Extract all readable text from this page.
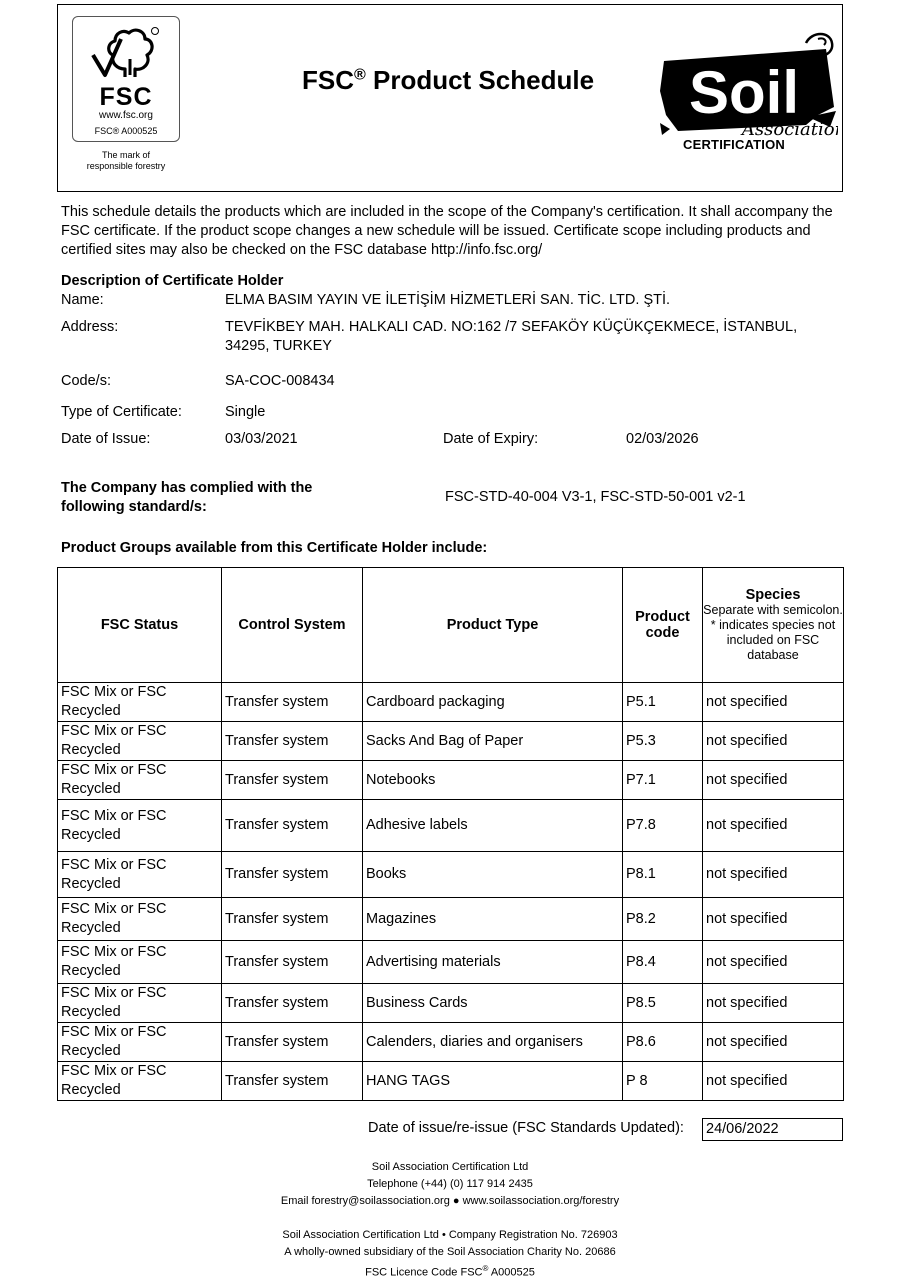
FSC
www.fsc.org
FSC® A000525
The mark of
responsible forestry
FSC® Product Schedule Soil
Association
CERTIFICATION
This schedule details the products which are included in the scope of the Company's certification. It shall accompany the FSC certificate. If the product scope changes a new schedule will be issued. Certificate scope including products and certified sites may also be checked on the FSC database http://info.fsc.org/
Description of Certificate Holder
Name:	ELMA BASIM YAYIN VE İLETİŞİM HİZMETLERİ SAN. TİC. LTD. ŞTİ.
Address:	TEVFİKBEY MAH. HALKALI CAD. NO:162 /7 SEFAKÖY KÜÇÜKÇEKMECE, İSTANBUL,
34295, TURKEY
Code/s:	SA-COC-008434
Type of Certificate:	Single
Date of Issue:	03/03/2021	Date of Expiry:	02/03/2026
The Company has complied with the
following standard/s:
FSC-STD-40-004 V3-1, FSC-STD-50-001 v2-1
Product Groups available from this Certificate Holder include:
FSC Status	Control System	Product Type	Product code	Species
Separate with semicolon. * indicates species not included on FSC database

FSC Mix or FSC
Recycled	Transfer system	Cardboard packaging	P5.1	not specified

FSC Mix or FSC
Recycled	Transfer system	Sacks And Bag of Paper	P5.3	not specified

FSC Mix or FSC
Recycled	Transfer system	Notebooks	P7.1	not specified

FSC Mix or FSC
Recycled	Transfer system	Adhesive labels	P7.8	not specified

FSC Mix or FSC
Recycled	Transfer system	Books	P8.1	not specified

FSC Mix or FSC
Recycled	Transfer system	Magazines	P8.2	not specified

FSC Mix or FSC
Recycled	Transfer system	Advertising materials	P8.4	not specified

FSC Mix or FSC
Recycled	Transfer system	Business Cards	P8.5	not specified

FSC Mix or FSC
Recycled	Transfer system	Calenders, diaries and organisers	P8.6	not specified

FSC Mix or FSC
Recycled	Transfer system	HANG TAGS	P 8	not specified
Date of issue/re-issue (FSC Standards Updated): 24/06/2022
Soil Association Certification Ltd
Telephone (+44) (0) 117 914 2435
Email forestry@soilassociation.org ● www.soilassociation.org/forestry
Soil Association Certification Ltd • Company Registration No. 726903
A wholly-owned subsidiary of the Soil Association Charity No. 20686
FSC Licence Code FSC® A000525
